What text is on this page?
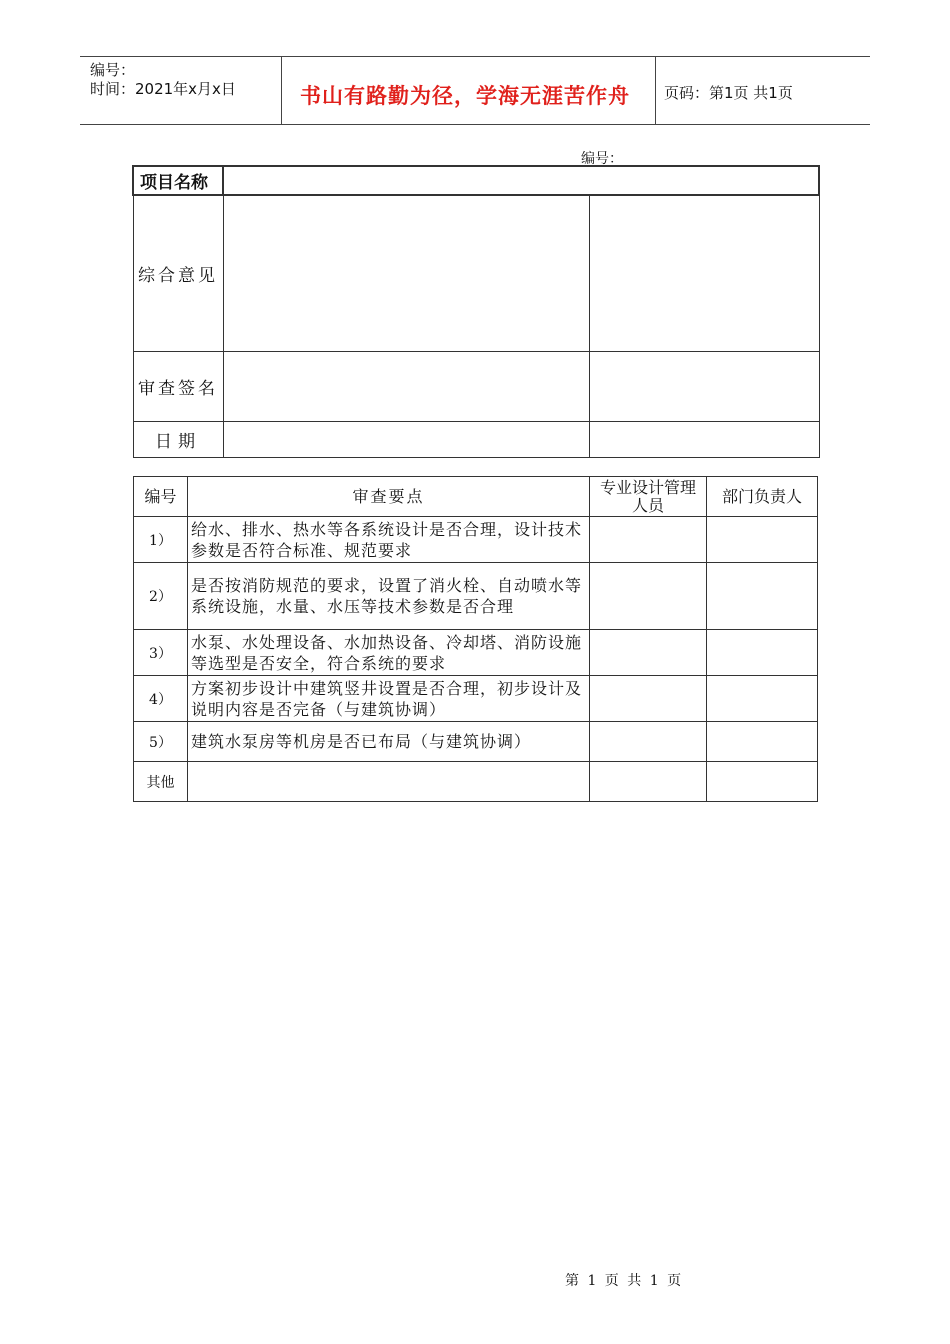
编号：
时间：2021年x月x日	书山有路勤为径，学海无涯苦作舟 页码：第1页 共1页
编号：
项目名称		
综合意见		
审查签名		
日期		
编号	审查要点	专业设计管理人员	部门负责人
1）	给水、排水、热水等各系统设计是否合理，设计技术参数是否符合标准、规范要求		
2）	是否按消防规范的要求，设置了消火栓、自动喷水等系统设施，水量、水压等技术参数是否合理		
3）	水泵、水处理设备、水加热设备、冷却塔、消防设施等选型是否安全，符合系统的要求		
4）	方案初步设计中建筑竖井设置是否合理，初步设计及说明内容是否完备（与建筑协调）		
5）	建筑水泵房等机房是否已布局（与建筑协调）		
其他			
第 1 页 共 1 页
